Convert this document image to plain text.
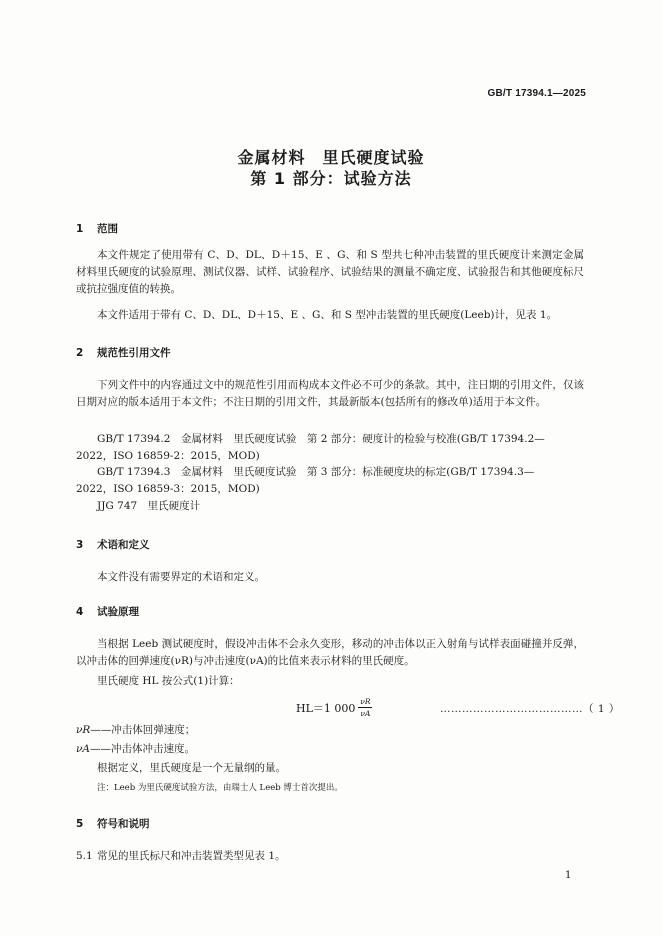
GB/T 17394.1—2025
金属材料　里氏硬度试验
第 1 部分：试验方法
1 范围

本文件规定了使用带有 C、D、DL、D＋15、E 、G、和 S 型共七种冲击装置的里氏硬度计来测定金属材料里氏硬度的试验原理、测试仪器、试样、试验程序、试验结果的测量不确定度、试验报告和其他硬度标尺或抗拉强度值的转换。

本文件适用于带有 C、D、DL、D＋15、E 、G、和 S 型冲击装置的里氏硬度(Leeb)计，见表 1。

2 规范性引用文件

下列文件中的内容通过文中的规范性引用而构成本文件必不可少的条款。其中，注日期的引用文件，仅该日期对应的版本适用于本文件；不注日期的引用文件，其最新版本(包括所有的修改单)适用于本文件。

GB/T 17394.2　金属材料　里氏硬度试验　第 2 部分：硬度计的检验与校准(GB/T 17394.2—
2022，ISO 16859-2：2015，MOD)
GB/T 17394.3　金属材料　里氏硬度试验　第 3 部分：标准硬度块的标定(GB/T 17394.3—
2022，ISO 16859-3：2015，MOD)
JJG 747　里氏硬度计
3 术语和定义

本文件没有需要界定的术语和定义。

4 试验原理

当根据 Leeb 测试硬度时，假设冲击体不会永久变形，移动的冲击体以正入射角与试样表面碰撞并反弹，以冲击体的回弹速度(νR)与冲击速度(νA)的比值来表示材料的里氏硬度。

里氏硬度 HL 按公式(1)计算：

HL＝1 $000 \frac{\nu R}{\nu A}$	…………………………………（ 1 ）
νR——冲击体回弹速度；
νA——冲击体冲击速度。
根据定义，里氏硬度是一个无量纲的量。
注：Leeb 为里氏硬度试验方法，由瑞士人 Leeb 博士首次提出。
5 符号和说明
5.1 常见的里氏标尺和冲击装置类型见表 1。
1
